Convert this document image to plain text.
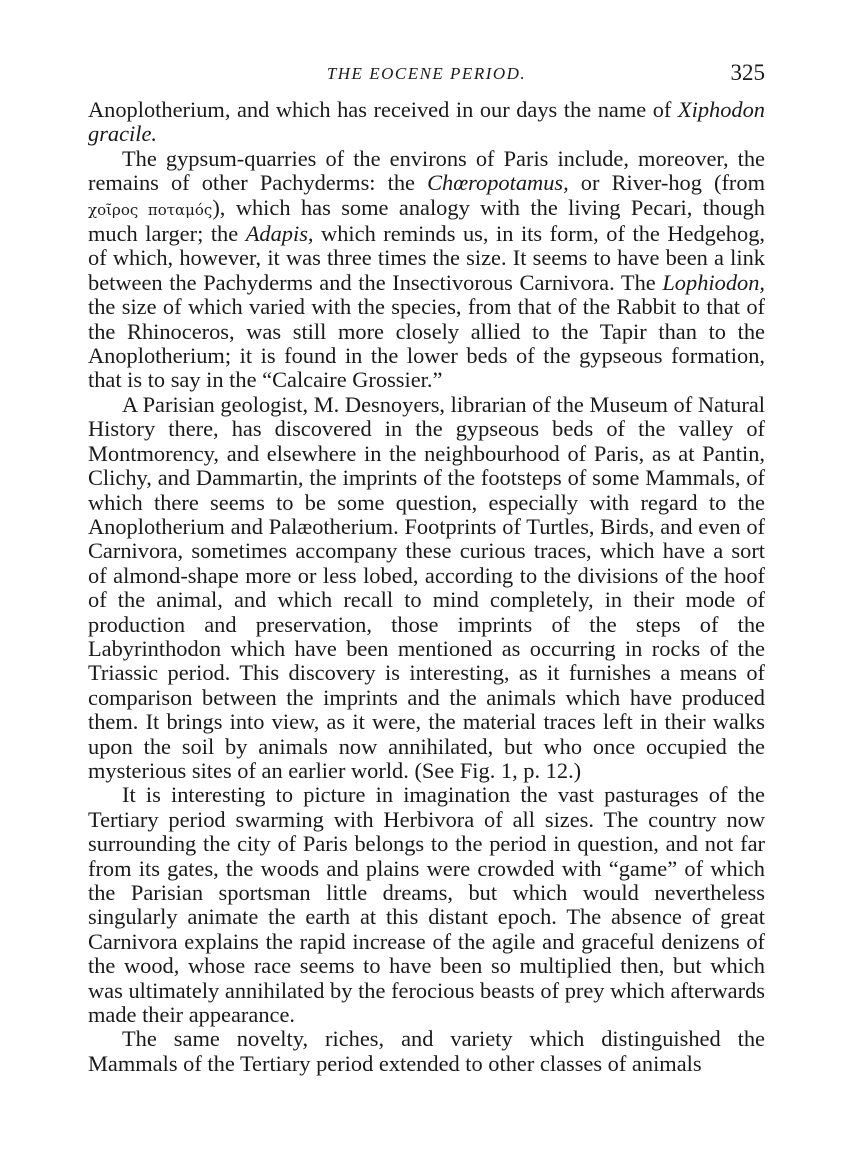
THE EOCENE PERIOD.	325

Anoplotherium, and which has received in our days the name of Xiphodon gracile.

The gypsum-quarries of the environs of Paris include, moreover, the remains of other Pachyderms: the Chœropotamus, or River-hog (from χοῖρος ποταμός), which has some analogy with the living Pecari, though much larger; the Adapis, which reminds us, in its form, of the Hedgehog, of which, however, it was three times the size. It seems to have been a link between the Pachyderms and the Insectivorous Carnivora. The Lophiodon, the size of which varied with the species, from that of the Rabbit to that of the Rhinoceros, was still more closely allied to the Tapir than to the Anoplotherium; it is found in the lower beds of the gypseous formation, that is to say in the “Calcaire Grossier.”

A Parisian geologist, M. Desnoyers, librarian of the Museum of Natural History there, has discovered in the gypseous beds of the valley of Montmorency, and elsewhere in the neighbourhood of Paris, as at Pantin, Clichy, and Dammartin, the imprints of the footsteps of some Mammals, of which there seems to be some question, especially with regard to the Anoplotherium and Palæotherium. Footprints of Turtles, Birds, and even of Carnivora, sometimes accompany these curious traces, which have a sort of almond-shape more or less lobed, according to the divisions of the hoof of the animal, and which recall to mind completely, in their mode of production and preservation, those imprints of the steps of the Labyrinthodon which have been mentioned as occurring in rocks of the Triassic period. This discovery is interesting, as it furnishes a means of comparison between the imprints and the animals which have produced them. It brings into view, as it were, the material traces left in their walks upon the soil by animals now annihilated, but who once occupied the mysterious sites of an earlier world. (See Fig. 1, p. 12.)

It is interesting to picture in imagination the vast pasturages of the Tertiary period swarming with Herbivora of all sizes. The country now surrounding the city of Paris belongs to the period in question, and not far from its gates, the woods and plains were crowded with “game” of which the Parisian sportsman little dreams, but which would nevertheless singularly animate the earth at this distant epoch. The absence of great Carnivora explains the rapid increase of the agile and graceful denizens of the wood, whose race seems to have been so multiplied then, but which was ultimately annihilated by the ferocious beasts of prey which afterwards made their appearance.

The same novelty, riches, and variety which distinguished the Mammals of the Tertiary period extended to other classes of animals
